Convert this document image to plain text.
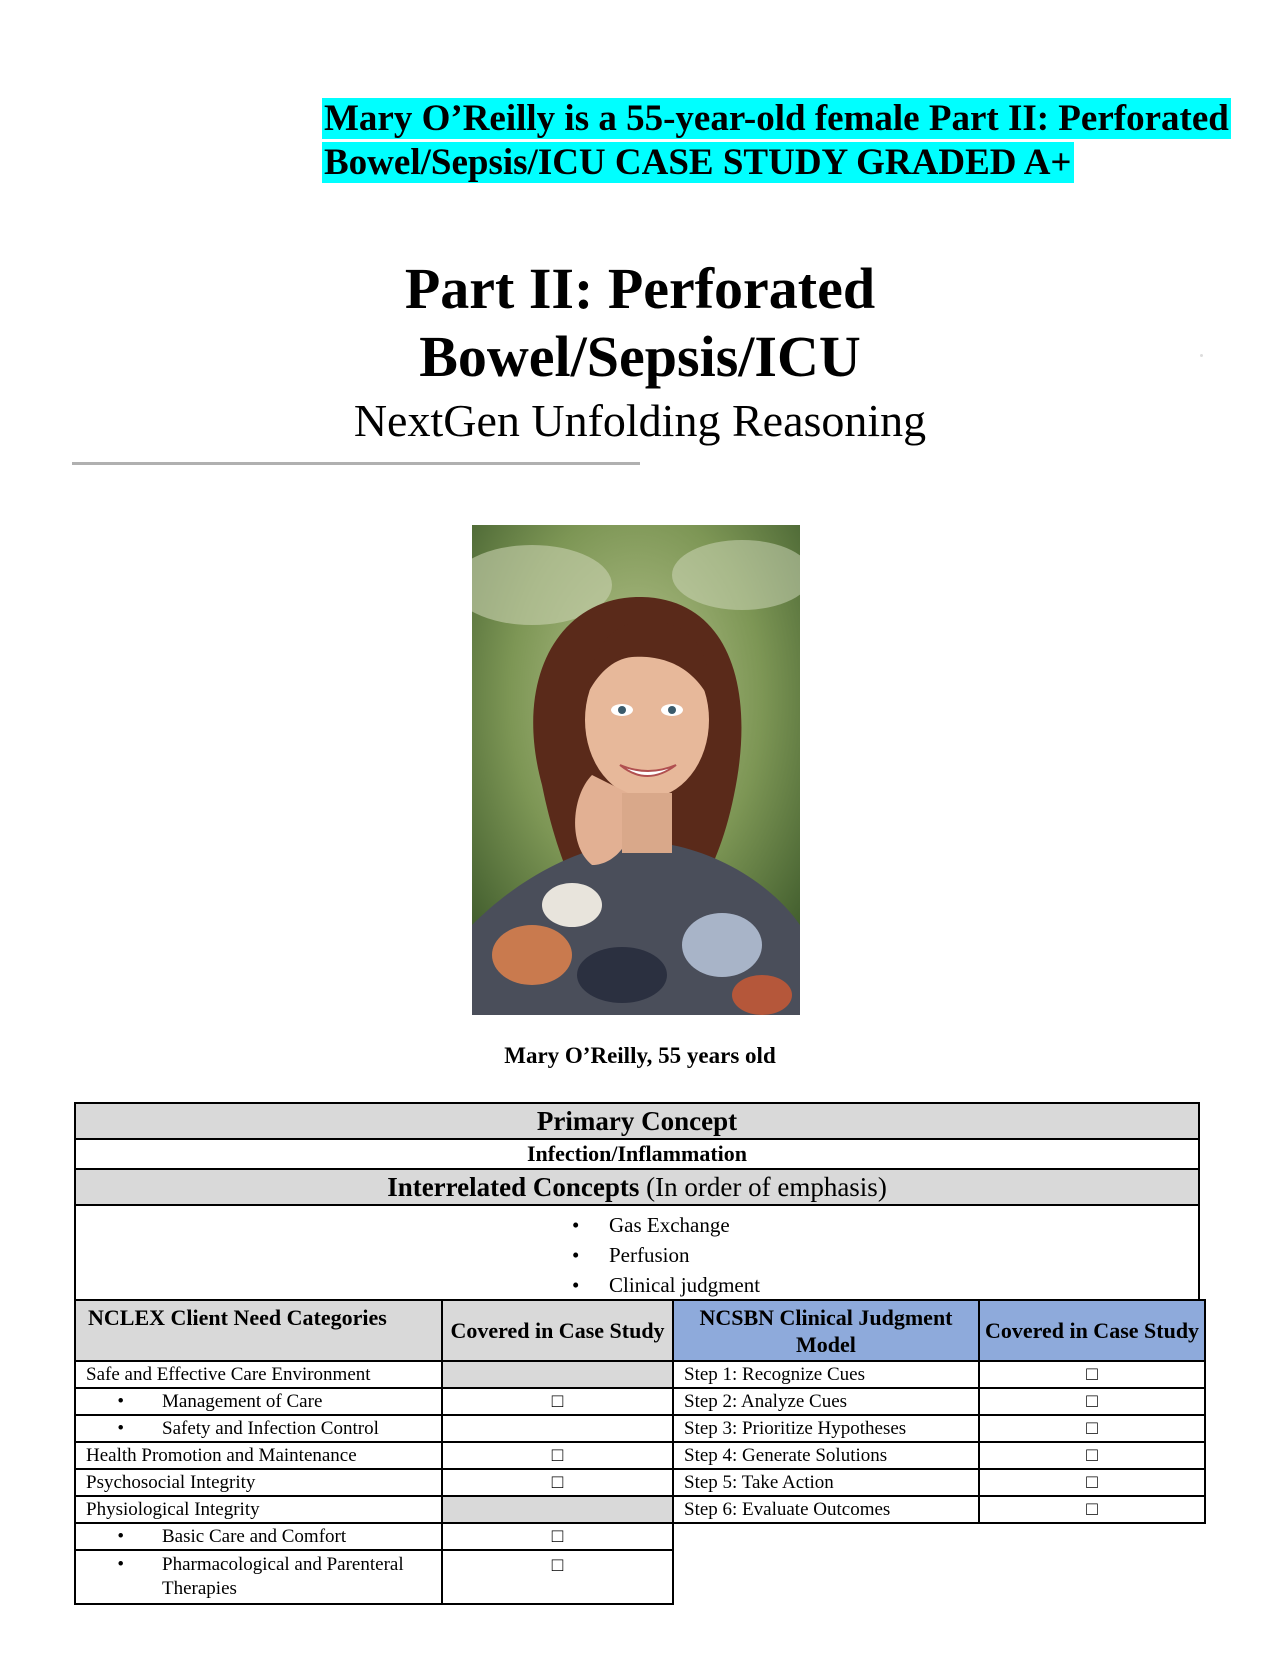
Mary O’Reilly is a 55-year-old female Part II: Perforated Bowel/Sepsis/ICU CASE STUDY GRADED A+
Part II: Perforated
Bowel/Sepsis/ICU
NextGen Unfolding Reasoning
Mary O’Reilly, 55 years old
Primary Concept
Infection/Inflammation
Interrelated Concepts (In order of emphasis)

• Gas Exchange
• Perfusion
• Clinical judgment
NCLEX Client Need Categories	Covered in Case Study	NCSBN Clinical Judgment Model	Covered in Case Study
Safe and Effective Care Environment		Step 1: Recognize Cues	□
• Management of Care	□	Step 2: Analyze Cues	□
• Safety and Infection Control		Step 3: Prioritize Hypotheses	□
Health Promotion and Maintenance	□	Step 4: Generate Solutions	□
Psychosocial Integrity	□	Step 5: Take Action	□
Physiological Integrity		Step 6: Evaluate Outcomes	□
• Basic Care and Comfort	□		
• Pharmacological and Parenteral Therapies	□		
